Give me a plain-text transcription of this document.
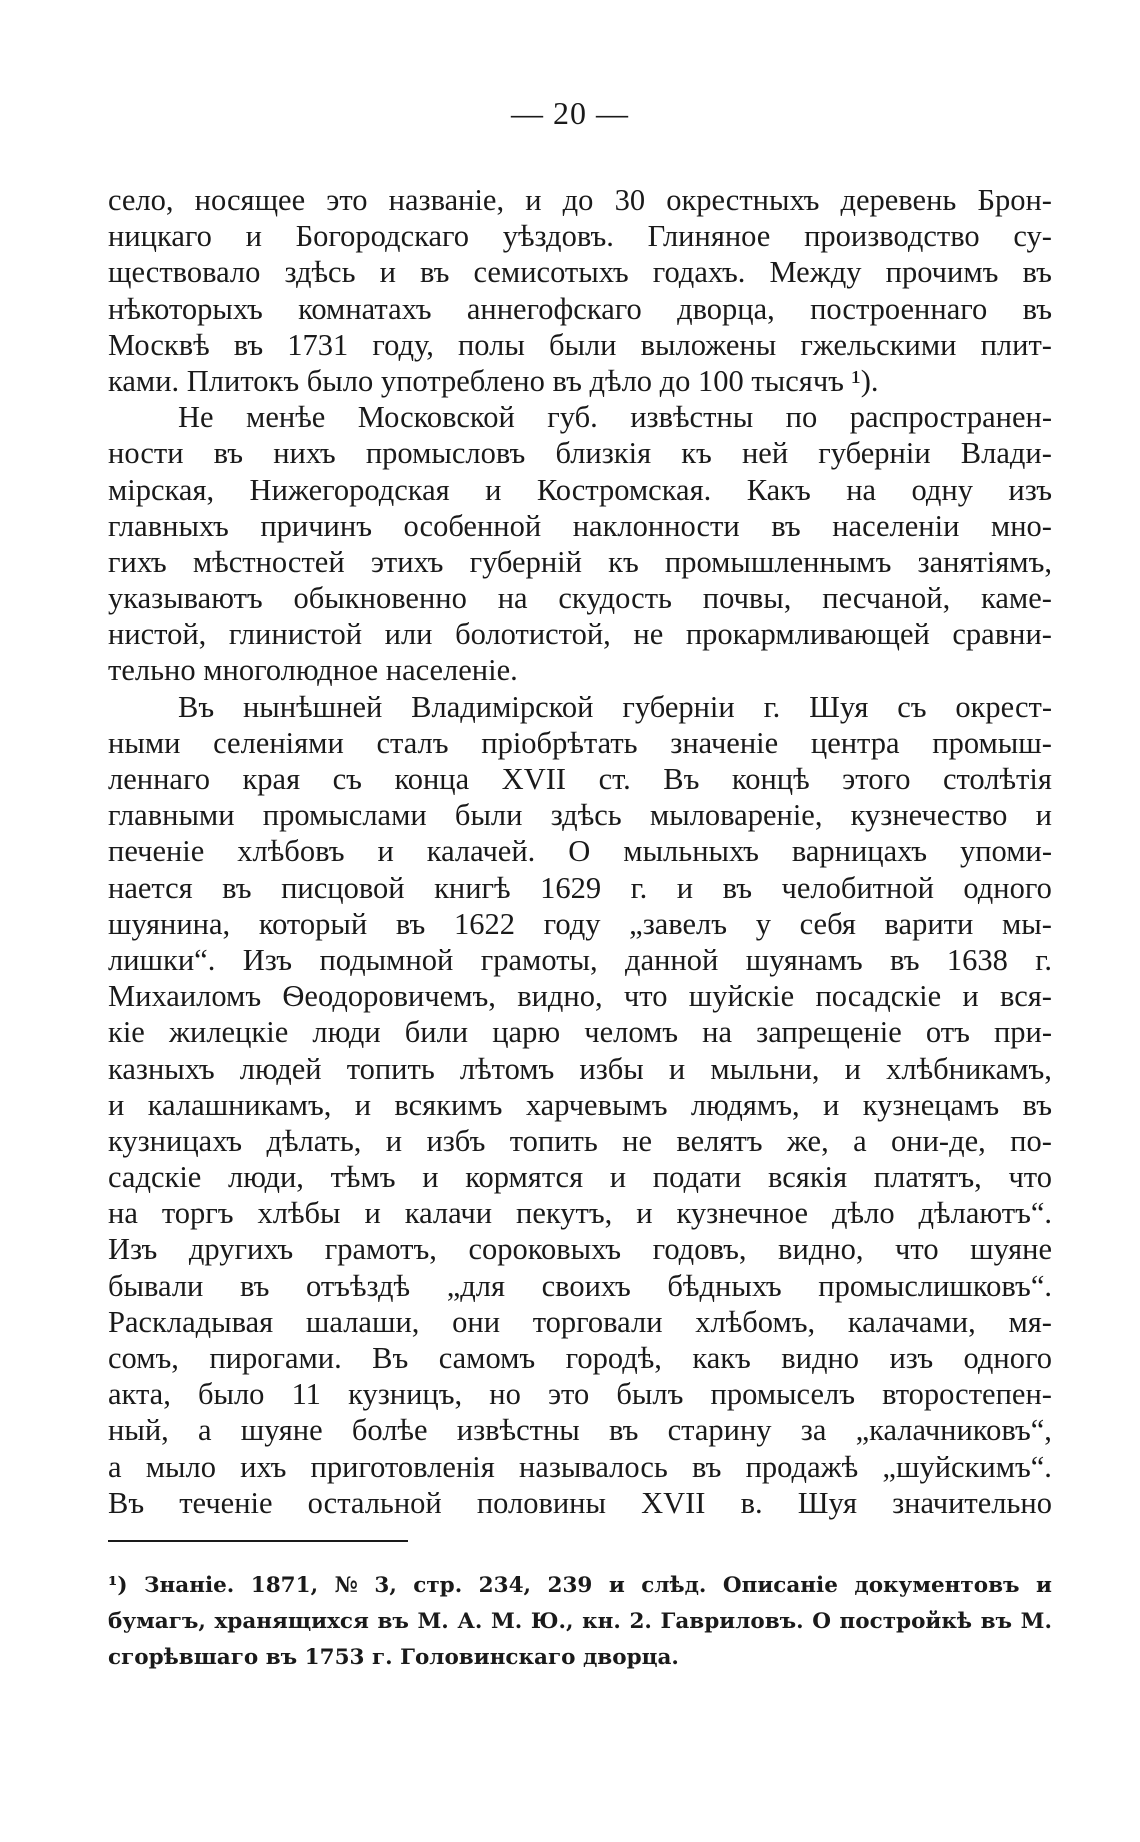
— 20 —
село, носящее это названіе, и до 30 окрестныхъ деревень Брон-
ницкаго и Богородскаго уѣздовъ. Глиняное производство су-
ществовало здѣсь и въ семисотыхъ годахъ. Между прочимъ въ
нѣкоторыхъ комнатахъ аннегофскаго дворца, построеннаго въ
Москвѣ въ 1731 году, полы были выложены гжельскими плит-
ками. Плитокъ было употреблено въ дѣло до 100 тысячъ ¹).
Не менѣе Московской губ. извѣстны по распространен-
ности въ нихъ промысловъ близкія къ ней губерніи Влади-
мірская, Нижегородская и Костромская. Какъ на одну изъ
главныхъ причинъ особенной наклонности въ населеніи мно-
гихъ мѣстностей этихъ губерній къ промышленнымъ занятіямъ,
указываютъ обыкновенно на скудость почвы, песчаной, каме-
нистой, глинистой или болотистой, не прокармливающей сравни-
тельно многолюдное населеніе.
Въ нынѣшней Владимірской губерніи г. Шуя съ окрест-
ными селеніями сталъ пріобрѣтать значеніе центра промыш-
леннаго края съ конца XVII ст. Въ концѣ этого столѣтія
главными промыслами были здѣсь мыловареніе, кузнечество и
печеніе хлѣбовъ и калачей. О мыльныхъ варницахъ упоми-
нается въ писцовой книгѣ 1629 г. и въ челобитной одного
шуянина, который въ 1622 году „завелъ у себя варити мы-
лишки“. Изъ подымной грамоты, данной шуянамъ въ 1638 г.
Михаиломъ Ѳеодоровичемъ, видно, что шуйскіе посадскіе и вся-
кіе жилецкіе люди били царю челомъ на запрещеніе отъ при-
казныхъ людей топить лѣтомъ избы и мыльни, и хлѣбникамъ,
и калашникамъ, и всякимъ харчевымъ людямъ, и кузнецамъ въ
кузницахъ дѣлать, и избъ топить не велятъ же, а они-де, по-
садскіе люди, тѣмъ и кормятся и подати всякія платятъ, что
на торгъ хлѣбы и калачи пекутъ, и кузнечное дѣло дѣлаютъ“.
Изъ другихъ грамотъ, сороковыхъ годовъ, видно, что шуяне
бывали въ отъѣздѣ „для своихъ бѣдныхъ промыслишковъ“.
Раскладывая шалаши, они торговали хлѣбомъ, калачами, мя-
сомъ, пирогами. Въ самомъ городѣ, какъ видно изъ одного
акта, было 11 кузницъ, но это былъ промыселъ второстепен-
ный, а шуяне болѣе извѣстны въ старину за „калачниковъ“,
а мыло ихъ приготовленія называлось въ продажѣ „шуйскимъ“.
Въ теченіе остальной половины XVII в. Шуя значительно
¹) Знаніе. 1871, № 3, стр. 234, 239 и слѣд. Описаніе документовъ и
бумагъ, хранящихся въ М. А. М. Ю., кн. 2. Гавриловъ. О постройкѣ въ М.
сгорѣвшаго въ 1753 г. Головинскаго дворца.
